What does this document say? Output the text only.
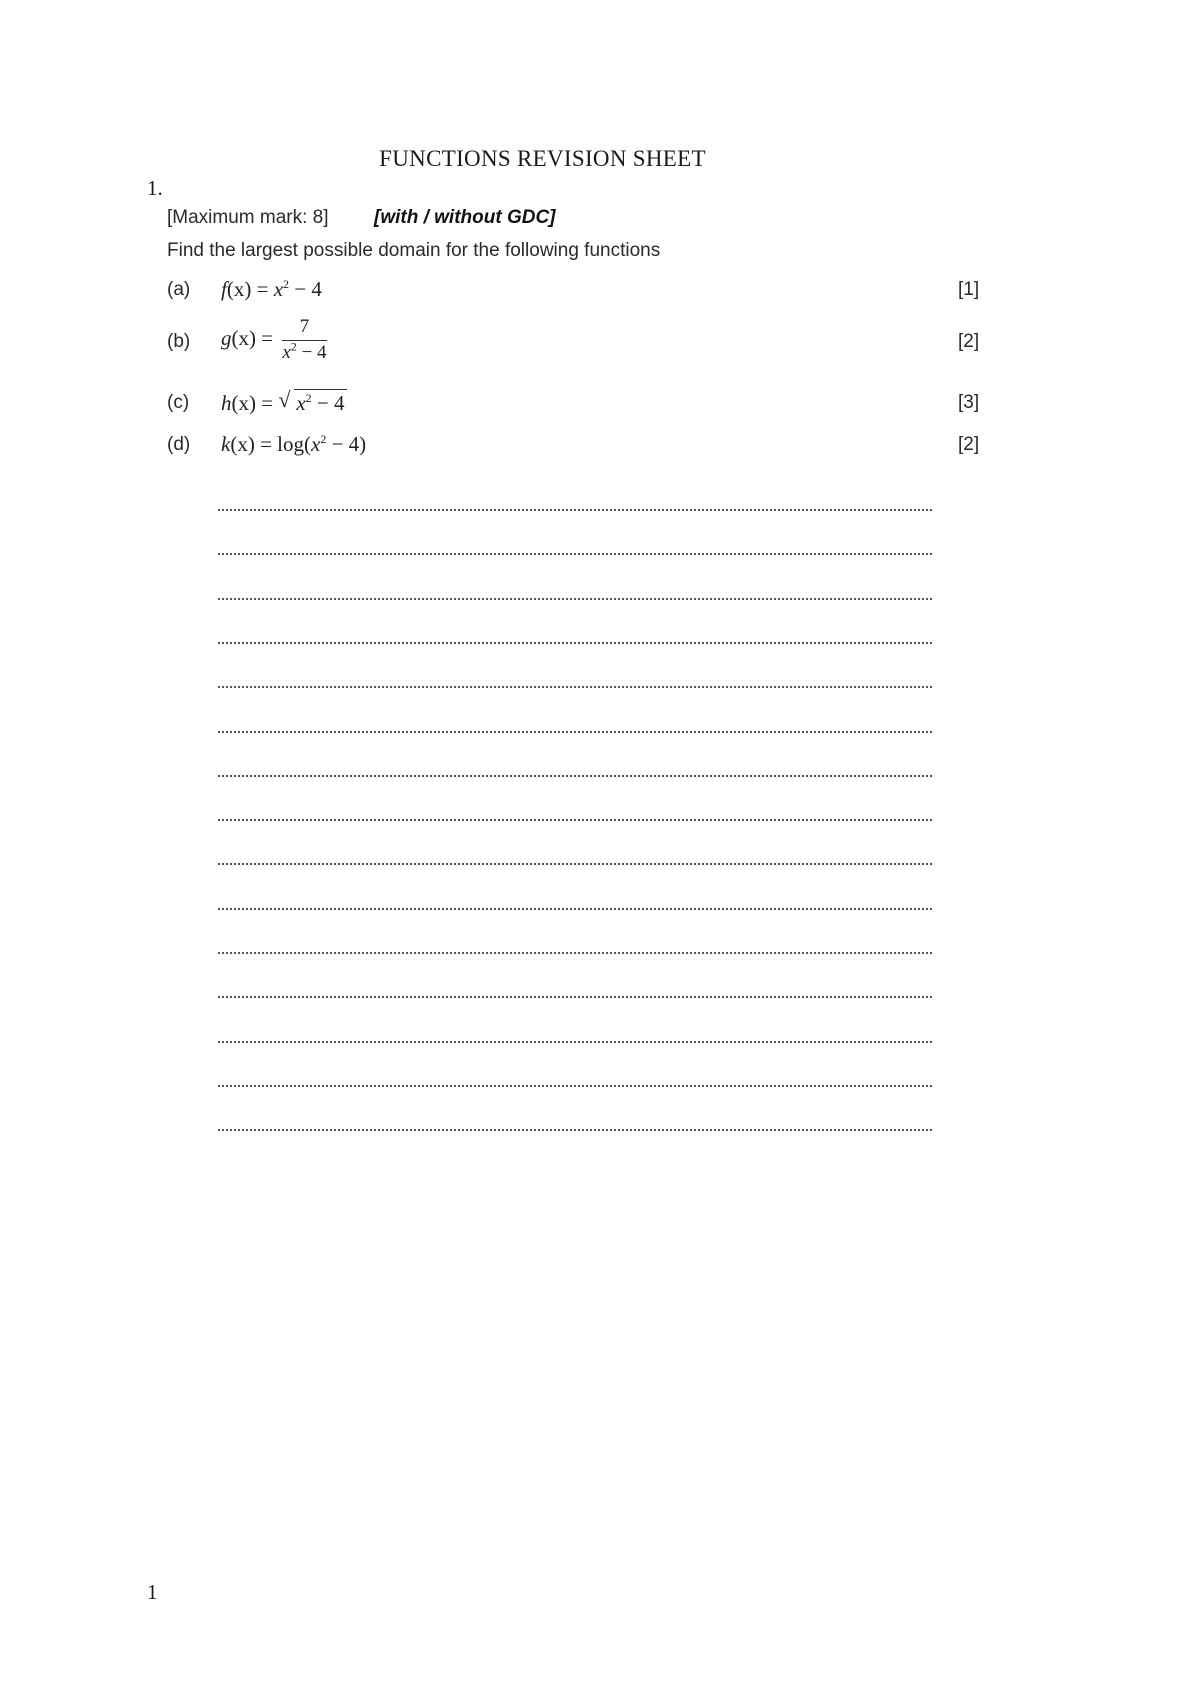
FUNCTIONS REVISION SHEET
1.
[Maximum mark: 8] [with / without GDC]
Find the largest possible domain for the following functions
(a) $f(x) = x^2 - 4$	[1]
(b) $g(x) = \frac{7}{x^2 - 4}$	[2]
(c) h(x) = √ $x^2 - 4$	[3]
(d) $k(x) = \log(x^2 - 4)$	[2]
1
